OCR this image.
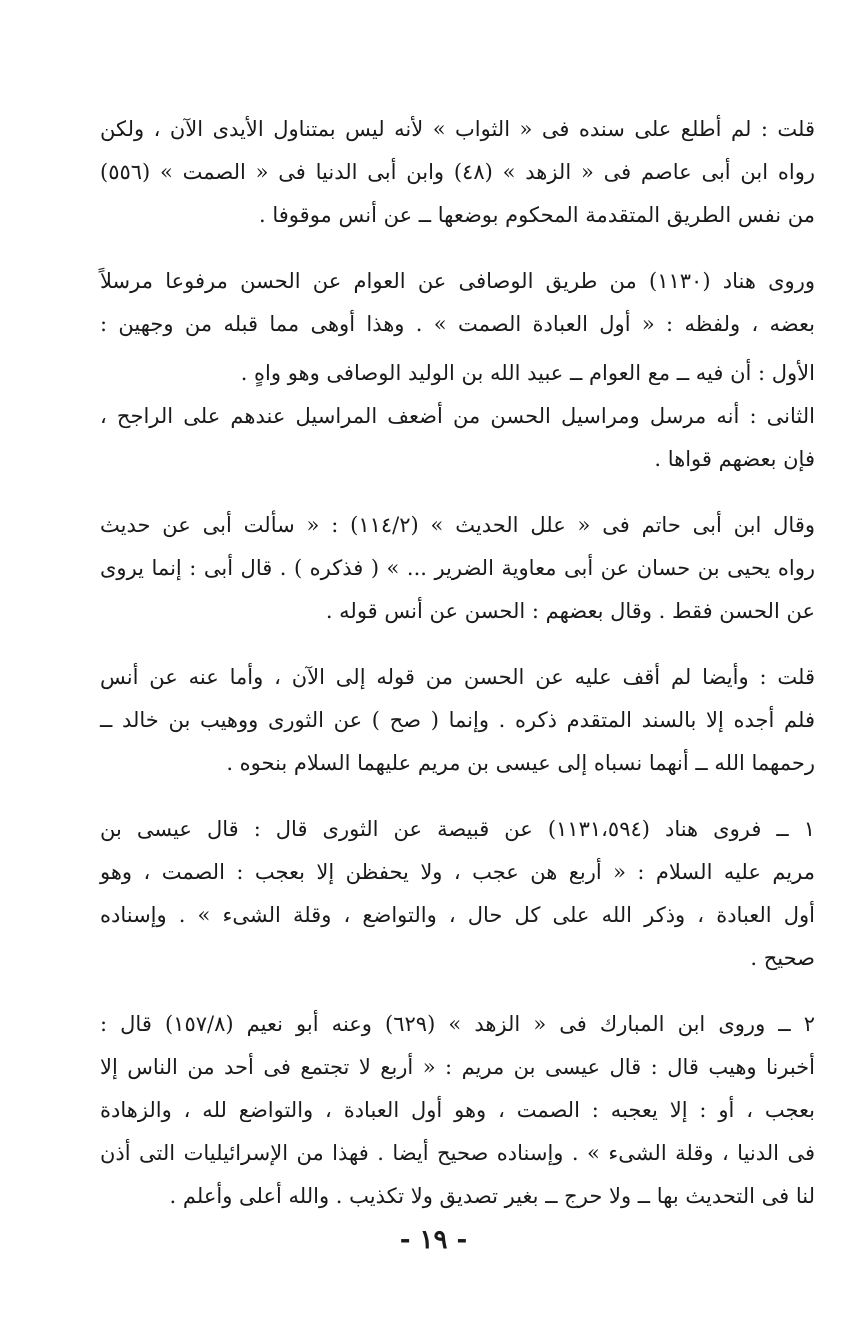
قلت : لم أطلع على سنده فى « الثواب » لأنه ليس بمتناول الأيدى الآن ، ولكن
رواه ابن أبى عاصم فى « الزهد » (٤٨) وابن أبى الدنيا فى « الصمت » (٥٥٦)
من نفس الطريق المتقدمة المحكوم بوضعها ــ عن أنس موقوفا .

وروى هناد (١١٣٠) من طريق الوصافى عن العوام عن الحسن مرفوعا مرسلاً
بعضه ، ولفظه : « أول العبادة الصمت » . وهذا أوهى مما قبله من وجهين :

الأول : أن فيه ــ مع العوام ــ عبيد الله بن الوليد الوصافى وهو واهٍ .

الثانى : أنه مرسل ومراسيل الحسن من أضعف المراسيل عندهم على الراجح ،
فإن بعضهم قواها .

وقال ابن أبى حاتم فى « علل الحديث » (١١٤/٢) : « سألت أبى عن حديث
رواه يحيى بن حسان عن أبى معاوية الضرير ... » ( فذكره ) . قال أبى : إنما يروى
عن الحسن فقط . وقال بعضهم : الحسن عن أنس قوله .

قلت : وأيضا لم أقف عليه عن الحسن من قوله إلى الآن ، وأما عنه عن أنس
فلم أجده إلا بالسند المتقدم ذكره . وإنما ( صح ) عن الثورى ووهيب بن خالد ــ
رحمهما الله ــ أنهما نسباه إلى عيسى بن مريم عليهما السلام بنحوه .

١ ــ فروى هناد (١١٣١،٥٩٤) عن قبيصة عن الثورى قال : قال عيسى بن
مريم عليه السلام : « أربع هن عجب ، ولا يحفظن إلا بعجب : الصمت ، وهو
أول العبادة ، وذكر الله على كل حال ، والتواضع ، وقلة الشىء » . وإسناده
صحيح .

٢ ــ وروى ابن المبارك فى « الزهد » (٦٢٩) وعنه أبو نعيم (١٥٧/٨) قال :
أخبرنا وهيب قال : قال عيسى بن مريم : « أربع لا تجتمع فى أحد من الناس إلا
بعجب ، أو : إلا يعجبه : الصمت ، وهو أول العبادة ، والتواضع لله ، والزهادة
فى الدنيا ، وقلة الشىء » . وإسناده صحيح أيضا . فهذا من الإسرائيليات التى أذن
لنا فى التحديث بها ــ ولا حرج ــ بغير تصديق ولا تكذيب . والله أعلى وأعلم .

- ١٩ -
